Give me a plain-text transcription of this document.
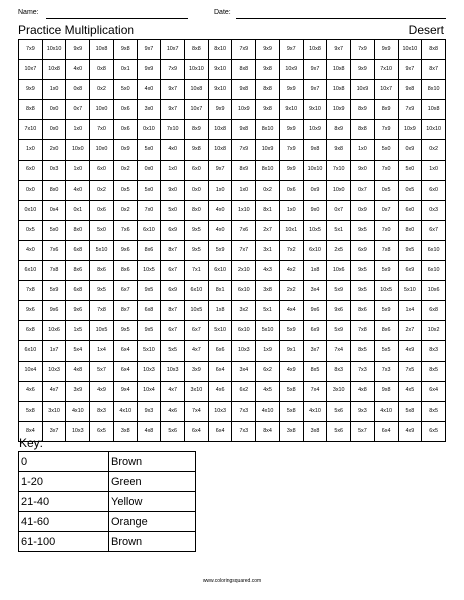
Name:	Date:
Practice Multiplication	Desert
7x9	10x10	9x9	10x8	9x8	9x7	10x7	8x8	8x10	7x9	9x9	9x7	10x8	9x7	7x9	9x9	10x10	8x8
10x7	10x8	4x0	0x8	0x1	9x9	7x9	10x10	9x10	8x8	9x8	10x9	9x7	10x8	9x9	7x10	9x7	8x7
9x9	1x0	0x8	0x2	5x0	4x0	9x7	10x8	9x10	9x8	8x8	9x9	9x7	10x8	10x9	10x7	9x8	8x10
8x8	0x0	0x7	10x0	0x6	3x0	9x7	10x7	9x9	10x9	9x8	9x10	9x10	10x9	8x9	8x9	7x9	10x8
7x10	0x0	1x0	7x0	0x6	0x10	7x10	8x9	10x8	9x8	8x10	9x9	10x9	8x9	8x8	7x9	10x9	10x10
1x0	2x0	10x0	10x0	0x9	5x0	4x0	9x8	10x8	7x9	10x9	7x9	9x8	9x8	1x0	5x0	0x9	0x2
6x0	0x3	1x0	6x0	0x2	0x0	1x0	6x0	9x7	8x9	8x10	9x9	10x10	7x10	9x0	7x0	5x0	1x0
0x0	8x0	4x0	0x2	0x5	5x0	9x0	0x0	1x0	1x0	0x2	0x6	0x9	10x0	0x7	0x5	0x5	6x0
0x10	0x4	0x1	0x6	0x2	7x0	5x0	8x0	4x0	1x10	8x1	1x0	9x0	0x7	0x9	0x7	6x0	0x3
0x5	5x0	8x0	5x0	7x6	6x10	6x9	9x5	4x0	7x6	2x7	10x1	10x5	5x1	9x5	7x0	8x0	6x7
4x0	7x6	6x8	5x10	9x6	8x6	8x7	9x5	5x9	7x7	3x1	7x2	6x10	2x5	6x9	7x8	9x5	6x10
6x10	7x8	8x6	8x6	8x6	10x5	6x7	7x1	6x10	2x10	4x3	4x2	1x8	10x6	9x5	5x9	6x9	6x10
7x8	5x9	6x8	9x5	6x7	9x5	6x9	6x10	8x1	6x10	3x8	2x2	3x4	5x9	9x5	10x5	5x10	10x6
9x6	9x6	9x6	7x8	8x7	6x8	8x7	10x5	1x8	3x2	5x1	4x4	9x6	9x6	8x6	5x9	1x4	6x8
6x8	10x6	1x5	10x5	9x5	9x5	6x7	6x7	5x10	6x10	5x10	5x9	6x9	5x9	7x8	8x6	2x7	10x2
6x10	1x7	5x4	1x4	6x4	5x10	5x5	4x7	6x6	10x3	1x9	9x1	3x7	7x4	8x5	5x5	4x9	8x3
10x4	10x3	4x8	5x7	6x4	10x3	10x3	3x9	6x4	3x4	6x2	4x9	8x5	8x3	7x3	7x3	7x5	8x5
4x6	4x7	3x9	4x9	9x4	10x4	4x7	3x10	4x6	6x2	4x5	5x8	7x4	3x10	4x8	9x8	4x5	6x4
5x8	3x10	4x10	8x3	4x10	9x3	4x6	7x4	10x3	7x3	4x10	5x8	4x10	5x6	9x3	4x10	5x8	8x5
8x4	3x7	10x3	6x5	3x8	4x8	5x6	6x4	6x4	7x3	8x4	3x8	3x8	5x6	5x7	6x4	4x9	6x5
Key:
0	Brown
1-20	Green
21-40	Yellow
41-60	Orange
61-100	Brown
www.coloringsquared.com
